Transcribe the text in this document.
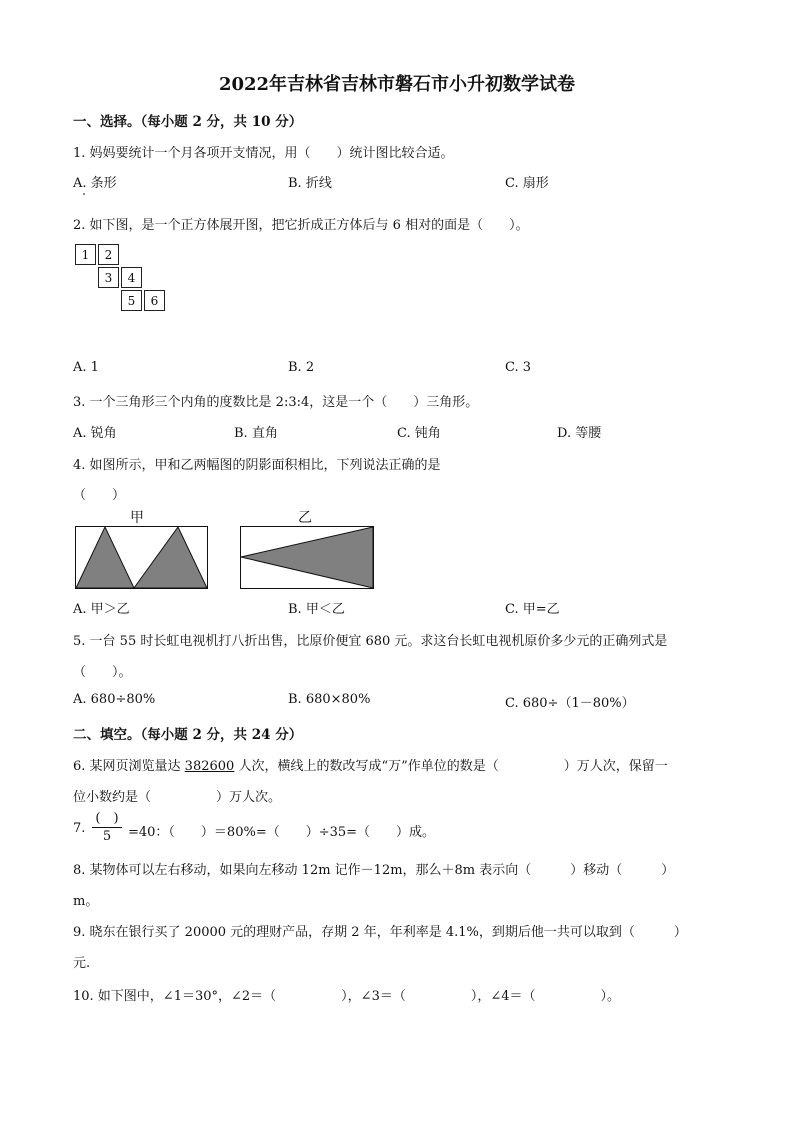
2022年吉林省吉林市磐石市小升初数学试卷
一、选择。（每小题 2 分，共 10 分）
1. 妈妈要统计一个月各项开支情况，用（　　）统计图比较合适。
A. 条形	B. 折线	C. 扇形
2. 如下图，是一个正方体展开图，把它折成正方体后与 6 相对的面是（　　）。
1	2
3	4
5	6
A. 1	B. 2	C. 3
3. 一个三角形三个内角的度数比是 2:3:4，这是一个（　　）三角形。
A. 锐角	B. 直角	C. 钝角	D. 等腰
4. 如图所示，甲和乙两幅图的阴影面积相比，下列说法正确的是
（　　）
甲	乙
A. 甲＞乙	B. 甲＜乙	C. 甲=乙
5. 一台 55 时长虹电视机打八折出售，比原价便宜 680 元。求这台长虹电视机原价多少元的正确列式是
（　　）。
A. 680÷80%	B. 680×80%	C. 680÷（1－80%）
二、填空。（每小题 2 分，共 24 分）
6. 某网页浏览量达 382600 人次，横线上的数改写成“万”作单位的数是（　　　　　）万人次，保留一
位小数约是（　　　　　）万人次。
7.
(　)
5	=40：（　　）＝80%=（　　）÷35=（　　）成。
8. 某物体可以左右移动，如果向左移动 12m 记作－12m，那么＋8m 表示向（　　　）移动（　　　）
m。
9. 晓东在银行买了 20000 元的理财产品，存期 2 年，年利率是 4.1%，到期后他一共可以取到（　　　）
元.
10. 如下图中，∠1＝30°，∠2＝（　　　　　），∠3＝（　　　　　），∠4＝（　　　　　）。
